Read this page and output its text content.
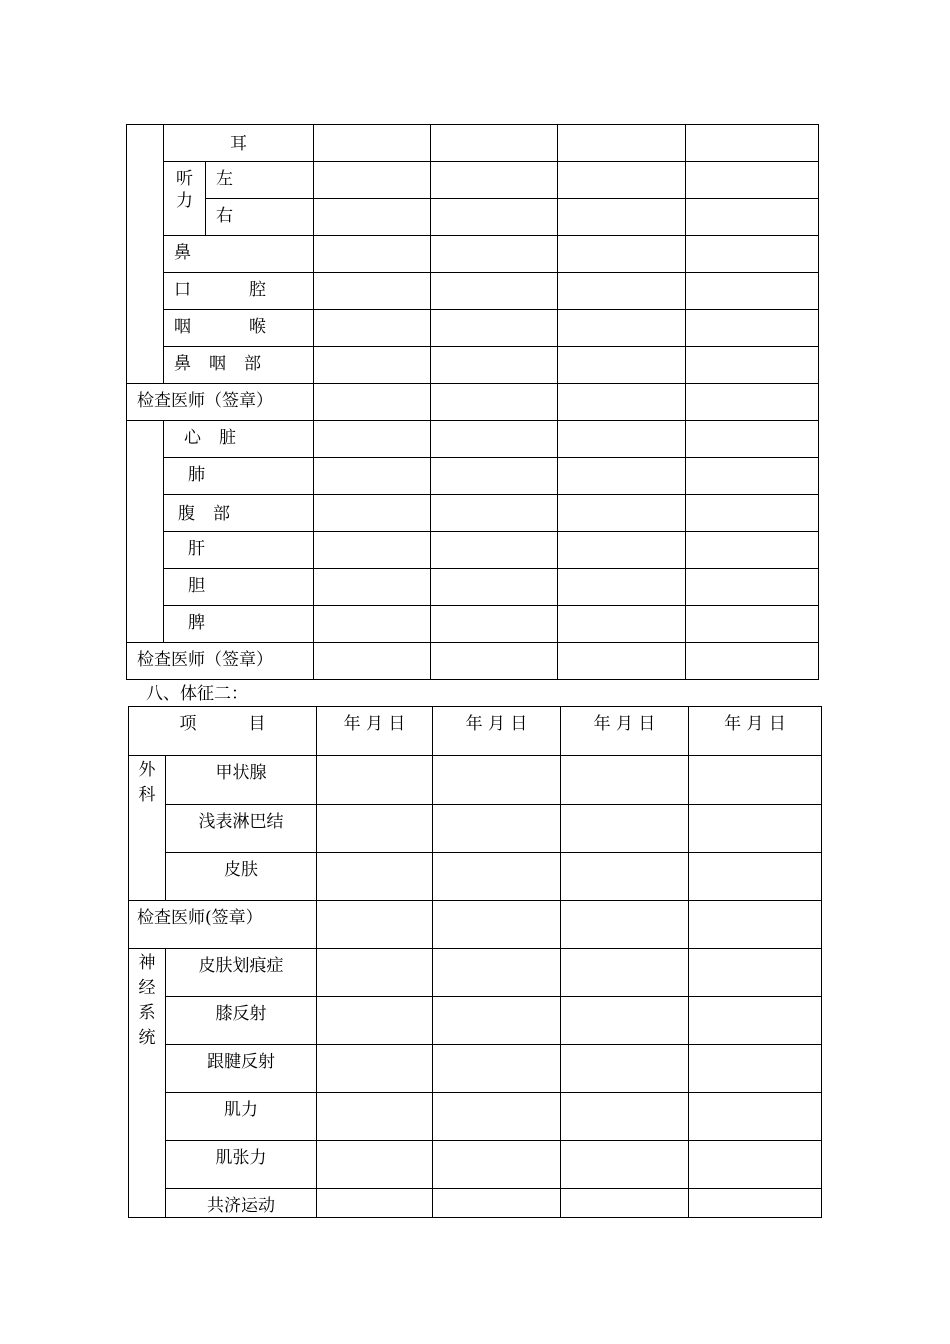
	耳					
	听力	左				
		右				
	鼻					
	口 腔					
	咽 喉					
	鼻 咽 部					
检查医师（签章）						
	心 脏					
	肺					
	腹 部					
	肝					
	胆					
	脾					
检查医师（签章）						
八、体征二：
项 目		年 月 日	年 月 日	年 月 日	年 月 日
外科	甲状腺				
	浅表淋巴结				
	皮肤				
检查医师(签章）					
神经系统	皮肤划痕症				
	膝反射				
	跟腱反射				
	肌力				
	肌张力				
	共济运动				
